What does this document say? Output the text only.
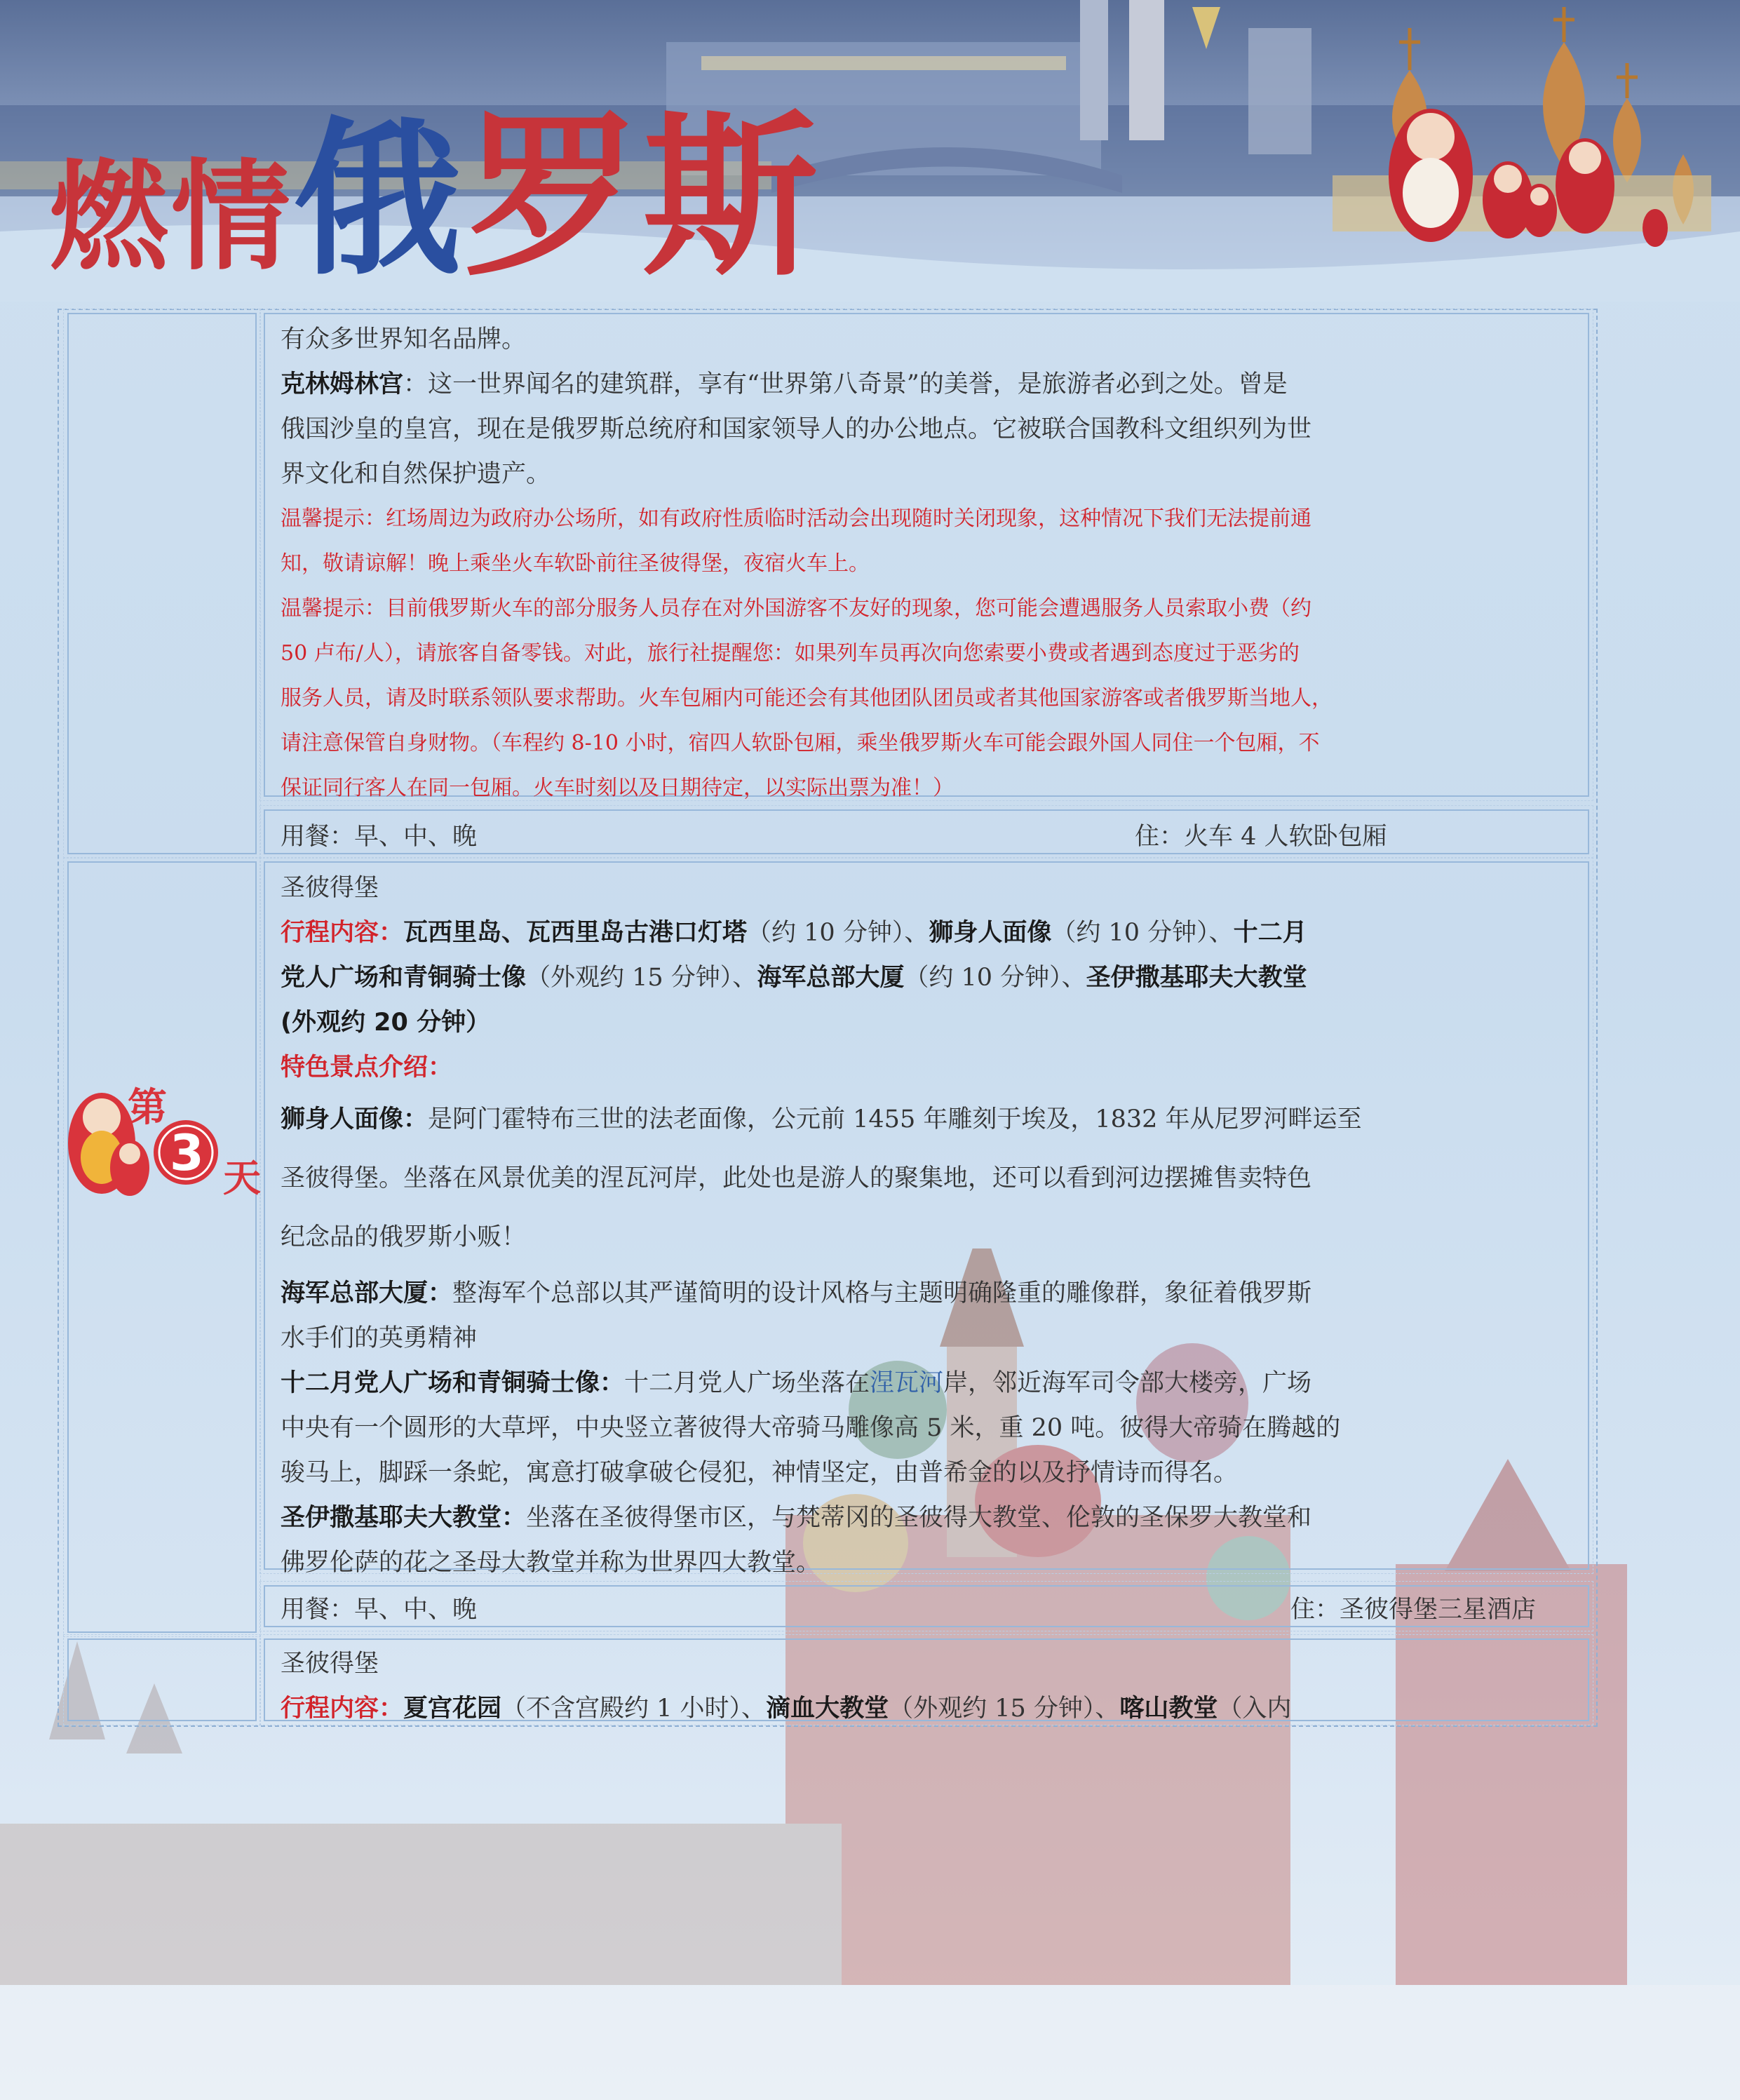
燃情俄罗斯

有众多世界知名品牌。

克林姆林宫：这一世界闻名的建筑群，享有“世界第八奇景”的美誉，是旅游者必到之处。曾是

俄国沙皇的皇宫，现在是俄罗斯总统府和国家领导人的办公地点。它被联合国教科文组织列为世

界文化和自然保护遗产。

温馨提示：红场周边为政府办公场所，如有政府性质临时活动会出现随时关闭现象，这种情况下我们无法提前通

知，敬请谅解！晚上乘坐火车软卧前往圣彼得堡，夜宿火车上。

温馨提示：目前俄罗斯火车的部分服务人员存在对外国游客不友好的现象，您可能会遭遇服务人员索取小费（约

50 卢布/人），请旅客自备零钱。对此，旅行社提醒您：如果列车员再次向您索要小费或者遇到态度过于恶劣的

服务人员，请及时联系领队要求帮助。火车包厢内可能还会有其他团队团员或者其他国家游客或者俄罗斯当地人，

请注意保管自身财物。（车程约 8-10 小时，宿四人软卧包厢，乘坐俄罗斯火车可能会跟外国人同住一个包厢，不

保证同行客人在同一包厢。火车时刻以及日期待定，以实际出票为准！）

用餐：早、中、晚	住：火车 4 人软卧包厢

圣彼得堡

行程内容：瓦西里岛、瓦西里岛古港口灯塔（约 10 分钟）、狮身人面像（约 10 分钟）、十二月

党人广场和青铜骑士像（外观约 15 分钟）、海军总部大厦（约 10 分钟）、圣伊撒基耶夫大教堂

(外观约 20 分钟）

特色景点介绍：

狮身人面像：是阿门霍特布三世的法老面像，公元前 1455 年雕刻于埃及，1832 年从尼罗河畔运至

圣彼得堡。坐落在风景优美的涅瓦河岸，此处也是游人的聚集地，还可以看到河边摆摊售卖特色

纪念品的俄罗斯小贩！

海军总部大厦：整海军个总部以其严谨简明的设计风格与主题明确隆重的雕像群，象征着俄罗斯

水手们的英勇精神

十二月党人广场和青铜骑士像：十二月党人广场坐落在涅瓦河岸，邻近海军司令部大楼旁，广场

中央有一个圆形的大草坪，中央竖立著彼得大帝骑马雕像高 5 米，重 20 吨。彼得大帝骑在腾越的

骏马上，脚踩一条蛇，寓意打破拿破仑侵犯，神情坚定，由普希金的以及抒情诗而得名。

圣伊撒基耶夫大教堂：坐落在圣彼得堡市区，与梵蒂冈的圣彼得大教堂、伦敦的圣保罗大教堂和

佛罗伦萨的花之圣母大教堂并称为世界四大教堂。

用餐：早、中、晚	住：圣彼得堡三星酒店

圣彼得堡

行程内容：夏宫花园（不含宫殿约 1 小时）、滴血大教堂（外观约 15 分钟）、喀山教堂（入内

第
3 天
